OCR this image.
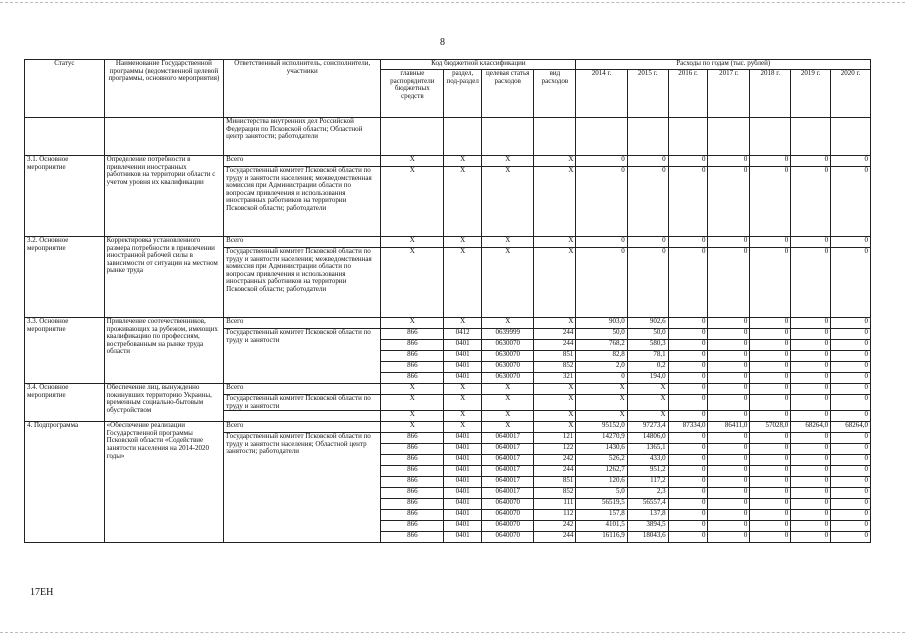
8
Статус	Наименование Государственной программы (ведомственной целевой программы, основного мероприятия)	Ответственный исполнитель, соисполнители, участники	Код бюджетной классификации				Расходы по годам (тыс. рублей)						
			главные распорядители бюджетных средств	раздел, под-раздел	целевая статья расходов	вид расходов	2014 г.	2015 г.	2016 г.	2017 г.	2018 г.	2019 г.	2020 г.
		Министерства внутренних дел Российской Федерации по Псковской области; Областной центр занятости; работодатели											
3.1. Основное мероприятие	Определение потребности в привлечении иностранных работников на территории области с учетом уровня их квалификации	Всего	X	X	X	X	0	0	0	0	0	0	0
		Государственный комитет Псковской области по труду и занятости населения; межведомственная комиссия при Администрации области по вопросам привлечения и использования иностранных работников на территории Псковской области; работодатели	X	X	X	X	0	0	0	0	0	0	0
3.2. Основное мероприятие	Корректировка установленного размера потребности в привлечении иностранной рабочей силы в зависимости от ситуации на местном рынке труда	Всего	X	X	X	X	0	0	0	0	0	0	0
		Государственный комитет Псковской области по труду и занятости населения; межведомственная комиссия при Администрации области по вопросам привлечения и использования иностранных работников на территории Псковской области; работодатели	X	X	X	X	0	0	0	0	0	0	0
3.3. Основное мероприятие	Привлечение соотечественников, проживающих за рубежом, имеющих квалификацию по профессиям, востребованным на рынке труда области	Всего	X	X	X	X	903,0	902,6	0	0	0	0	0
		Государственный комитет Псковской области по труду и занятости	866	0412	0639999	244	50,0	50,0	0	0	0	0	0
			866	0401	0630070	244	768,2	580,3	0	0	0	0	0
			866	0401	0630070	851	82,8	78,1	0	0	0	0	0
			866	0401	0630070	852	2,0	0,2	0	0	0	0	0
			866	0401	0630070	321	0	194,0	0	0	0	0	0
3.4. Основное мероприятие	Обеспечение лиц, вынужденно покинувших территорию Украины, временным социально-бытовым обустройством	Всего	X	X	X	X	X	X	0	0	0	0	0
		Государственный комитет Псковской области по труду и занятости	X	X	X	X	X	X	0	0	0	0	0
			X	X	X	X	X	X	0	0	0	0	0
4. Подпрограмма	«Обеспечение реализации Государственной программы Псковской области «Содействие занятости населения на 2014-2020 годы»	Всего	X	X	X	X	95152,0	97273,4	87334,0	86411,0	57028,0	68264,0	68264,0
		Государственный комитет Псковской области по труду и занятости населения; Областной центр занятости; работодатели	866	0401	0640017	121	14270,9	14806,0	0	0	0	0	0
			866	0401	0640017	122	1430,6	1365,1	0	0	0	0	0
			866	0401	0640017	242	526,2	433,0	0	0	0	0	0
			866	0401	0640017	244	1262,7	951,2	0	0	0	0	0
			866	0401	0640017	851	120,6	117,2	0	0	0	0	0
			866	0401	0640017	852	5,0	2,3	0	0	0	0	0
			866	0401	0640070	111	56519,5	56557,4	0	0	0	0	0
			866	0401	0640070	112	157,8	137,8	0	0	0	0	0
			866	0401	0640070	242	4101,5	3894,5	0	0	0	0	0
			866	0401	0640070	244	16116,9	18043,6	0	0	0	0	0
17ЕН
